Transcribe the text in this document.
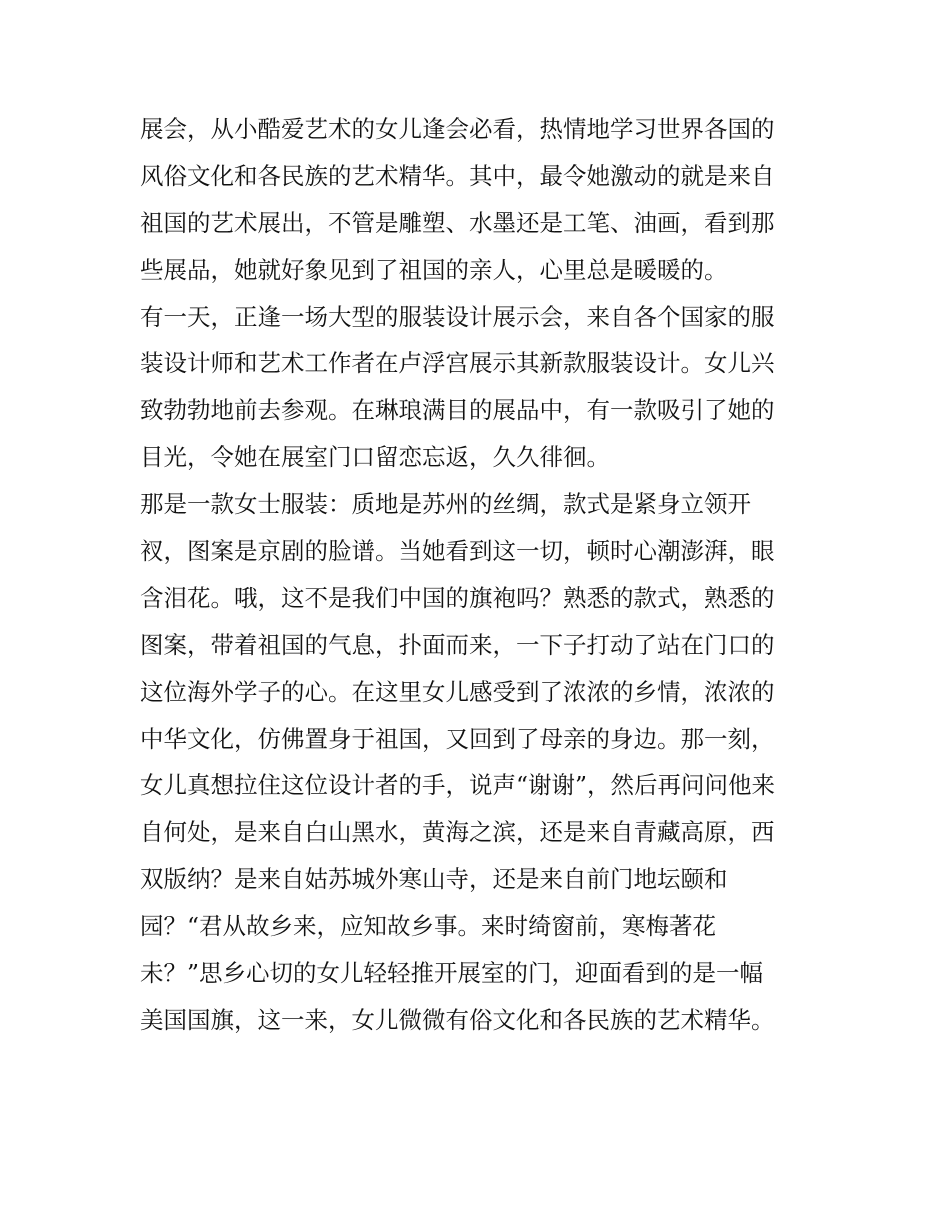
展会，从小酷爱艺术的女儿逢会必看，热情地学习世界各国的
风俗文化和各民族的艺术精华。其中，最令她激动的就是来自
祖国的艺术展出，不管是雕塑、水墨还是工笔、油画，看到那
些展品，她就好象见到了祖国的亲人，心里总是暖暖的。
有一天，正逢一场大型的服装设计展示会，来自各个国家的服
装设计师和艺术工作者在卢浮宫展示其新款服装设计。女儿兴
致勃勃地前去参观。在琳琅满目的展品中，有一款吸引了她的
目光，令她在展室门口留恋忘返，久久徘徊。
那是一款女士服装：质地是苏州的丝绸，款式是紧身立领开
衩，图案是京剧的脸谱。当她看到这一切，顿时心潮澎湃，眼
含泪花。哦，这不是我们中国的旗袍吗？熟悉的款式，熟悉的
图案，带着祖国的气息，扑面而来，一下子打动了站在门口的
这位海外学子的心。在这里女儿感受到了浓浓的乡情，浓浓的
中华文化，仿佛置身于祖国，又回到了母亲的身边。那一刻，
女儿真想拉住这位设计者的手，说声“谢谢”，然后再问问他来
自何处，是来自白山黑水，黄海之滨，还是来自青藏高原，西
双版纳？是来自姑苏城外寒山寺，还是来自前门地坛颐和
园？“君从故乡来，应知故乡事。来时绮窗前，寒梅著花
未？”思乡心切的女儿轻轻推开展室的门，迎面看到的是一幅
美国国旗，这一来，女儿微微有俗文化和各民族的艺术精华。
